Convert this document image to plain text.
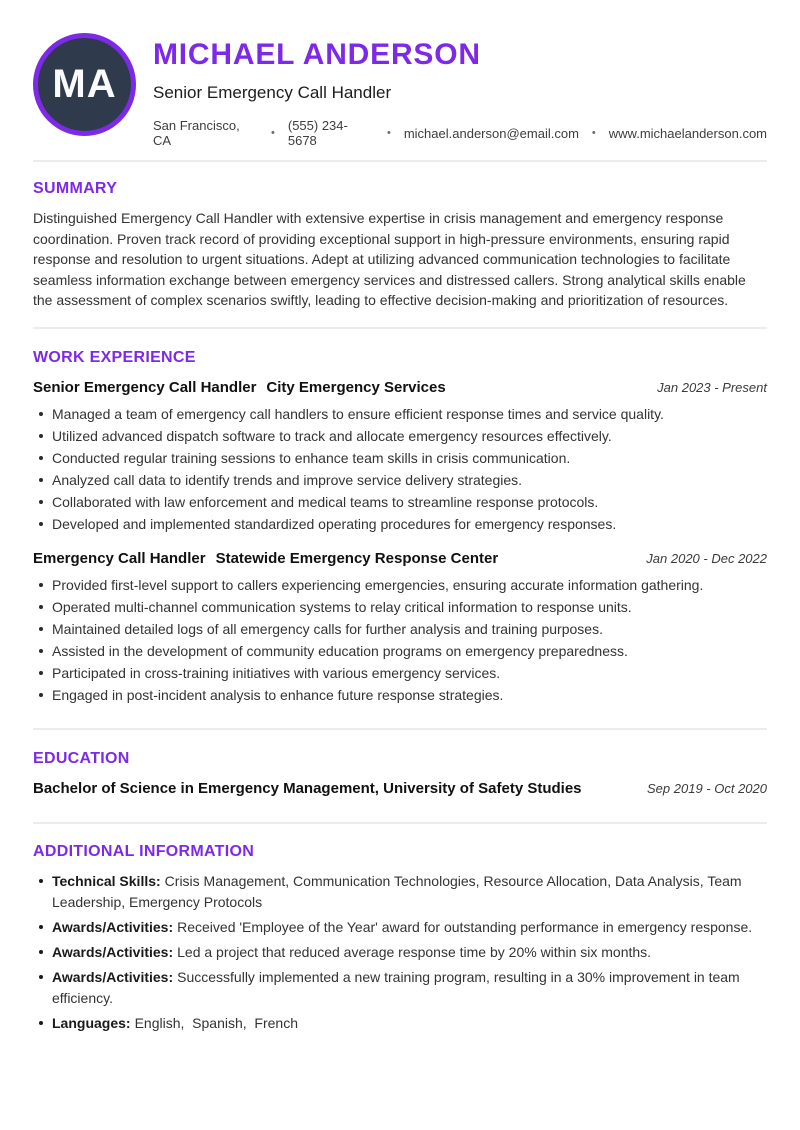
MA
MICHAEL ANDERSON
Senior Emergency Call Handler
San Francisco, CA	• (555) 234-5678	• michael.anderson@email.com • www.michaelanderson.com
SUMMARY

Distinguished Emergency Call Handler with extensive expertise in crisis management and emergency response coordination. Proven track record of providing exceptional support in high-pressure environments, ensuring rapid response and resolution to urgent situations. Adept at utilizing advanced communication technologies to facilitate seamless information exchange between emergency services and distressed callers. Strong analytical skills enable the assessment of complex scenarios swiftly, leading to effective decision-making and prioritization of resources.

WORK EXPERIENCE
Senior Emergency Call Handler City Emergency Services	Jan 2023 - Present
Managed a team of emergency call handlers to ensure efficient response times and service quality.
Utilized advanced dispatch software to track and allocate emergency resources effectively.
Conducted regular training sessions to enhance team skills in crisis communication.
Analyzed call data to identify trends and improve service delivery strategies.
Collaborated with law enforcement and medical teams to streamline response protocols.
Developed and implemented standardized operating procedures for emergency responses.
Emergency Call Handler Statewide Emergency Response Center	Jan 2020 - Dec 2022
Provided first-level support to callers experiencing emergencies, ensuring accurate information gathering.
Operated multi-channel communication systems to relay critical information to response units.
Maintained detailed logs of all emergency calls for further analysis and training purposes.
Assisted in the development of community education programs on emergency preparedness.
Participated in cross-training initiatives with various emergency services.
Engaged in post-incident analysis to enhance future response strategies.
EDUCATION
Bachelor of Science in Emergency Management, University of Safety Studies	Sep 2019 - Oct 2020
ADDITIONAL INFORMATION
Technical Skills: Crisis Management, Communication Technologies, Resource Allocation, Data Analysis, Team Leadership, Emergency Protocols
Awards/Activities: Received 'Employee of the Year' award for outstanding performance in emergency response.
Awards/Activities: Led a project that reduced average response time by 20% within six months.
Awards/Activities: Successfully implemented a new training program, resulting in a 30% improvement in team efficiency.
Languages: English,  Spanish,  French
